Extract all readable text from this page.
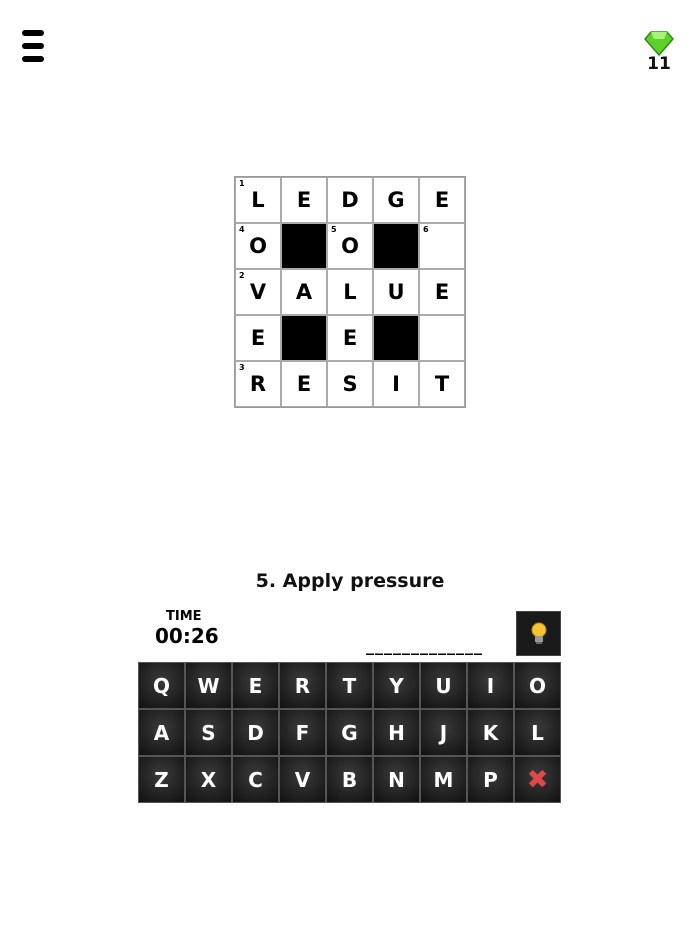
11
1
L E D G E
4
O
5
O
6
2
V A L U E
E	E
3
R E S I T
5. Apply pressure
TIME
00:26	_____________
Q	W	E	R	T	Y	U	I	O
A	S	D	F	G	H	J	K	L
Z	X	C	V	B	N	M	P	✖
